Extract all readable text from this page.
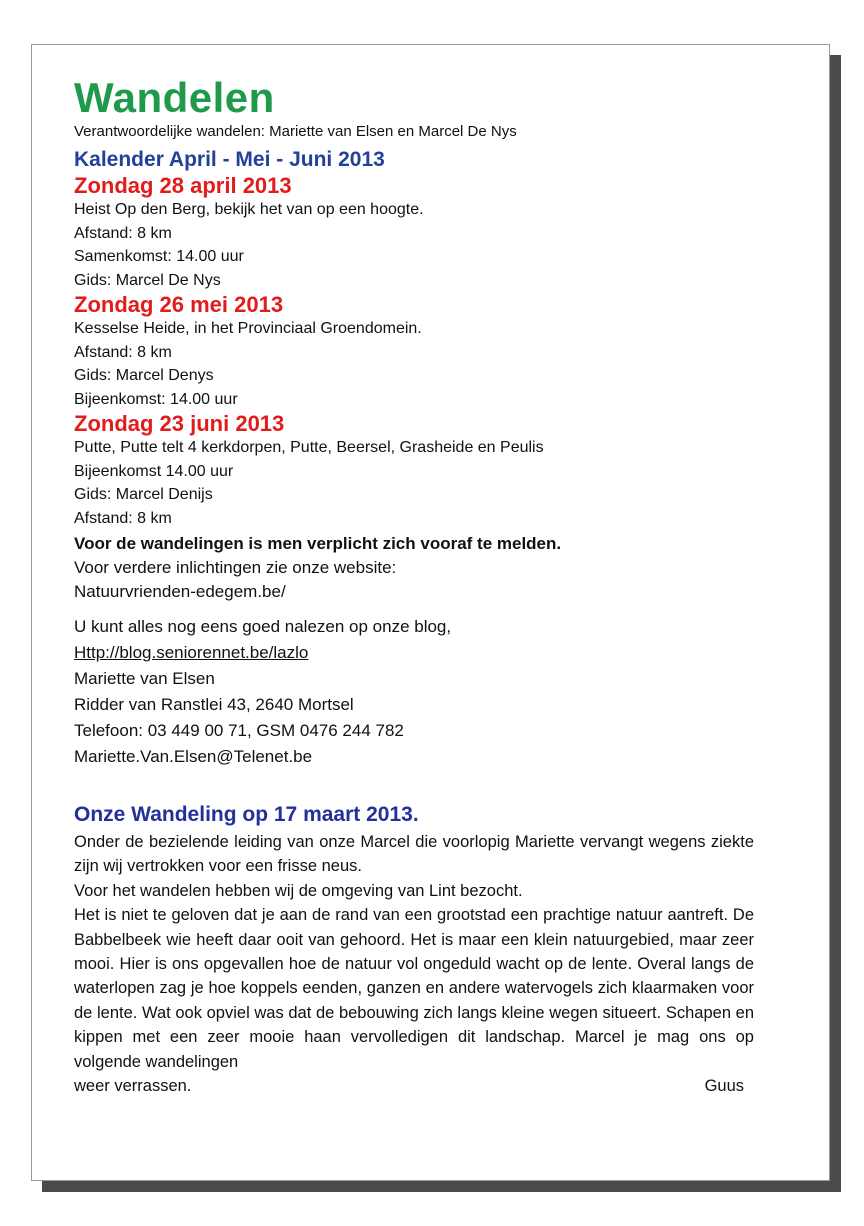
Wandelen

Verantwoordelijke wandelen: Mariette van Elsen en Marcel De Nys

Kalender April - Mei - Juni 2013
Zondag 28 april 2013

Heist Op den Berg, bekijk het van op een hoogte.

Afstand: 8 km

Samenkomst: 14.00 uur

Gids: Marcel De Nys

Zondag 26 mei 2013

Kesselse Heide, in het Provinciaal Groendomein.

Afstand: 8 km

Gids: Marcel Denys

Bijeenkomst: 14.00 uur

Zondag 23 juni 2013

Putte, Putte telt 4 kerkdorpen, Putte, Beersel, Grasheide en Peulis

Bijeenkomst 14.00 uur

Gids: Marcel Denijs

Afstand: 8 km

Voor de wandelingen is men verplicht zich vooraf te melden.

Voor verdere inlichtingen zie onze website:

Natuurvrienden-edegem.be/

U kunt alles nog eens goed nalezen op onze blog,

Http://blog.seniorennet.be/lazlo

Mariette van Elsen

Ridder van Ranstlei 43, 2640 Mortsel

Telefoon: 03 449 00 71, GSM 0476 244 782

Mariette.Van.Elsen@Telenet.be

Onze Wandeling op 17 maart 2013.

Onder de bezielende leiding van onze Marcel die voorlopig Mariette vervangt wegens ziekte zijn wij vertrokken voor een frisse neus.

Voor het wandelen hebben wij de omgeving van Lint bezocht.

Het is niet te geloven dat je aan de rand van een grootstad een prachtige natuur aantreft. De Babbelbeek wie heeft daar ooit van gehoord. Het is maar een klein natuurgebied, maar zeer mooi. Hier is ons opgevallen hoe de natuur vol ongeduld wacht op de lente. Overal langs de waterlopen zag je hoe koppels eenden, ganzen en andere watervogels zich klaarmaken voor de lente. Wat ook opviel was dat de bebouwing zich langs kleine wegen situeert. Schapen en kippen met een zeer mooie haan vervolledigen dit landschap. Marcel je mag ons op volgende wandelingen

weer verrassen.	Guus
